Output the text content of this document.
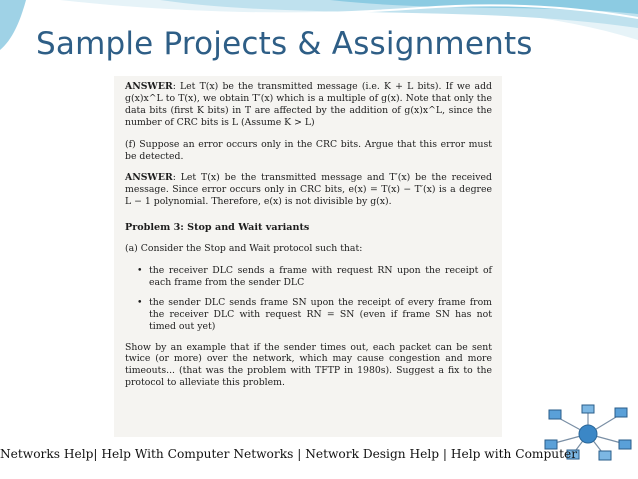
Sample Projects & Assignments

ANSWER: Let T(x) be the transmitted message (i.e. K + L bits). If we add g(x)x^L to T(x), we obtain T′(x) which is a multiple of g(x). Note that only the data bits (first K bits) in T are affected by the addition of g(x)x^L, since the number of CRC bits is L (Assume K > L)

(f) Suppose an error occurs only in the CRC bits. Argue that this error must be detected.

ANSWER: Let T(x) be the transmitted message and T′(x) be the received message. Since error occurs only in CRC bits, e(x) = T(x) − T′(x) is a degree L − 1 polynomial. Therefore, e(x) is not divisible by g(x).

Problem 3: Stop and Wait variants

(a) Consider the Stop and Wait protocol such that:

• the receiver DLC sends a frame with request RN upon the receipt of each frame from the sender DLC
• the sender DLC sends frame SN upon the receipt of every frame from the receiver DLC with request RN = SN (even if frame SN has not timed out yet)

Show by an example that if the sender times out, each packet can be sent twice (or more) over the network, which may cause congestion and more timeouts... (that was the problem with TFTP in 1980s). Suggest a fix to the protocol to alleviate this problem.

Networks Help| Help With Computer Networks | Network Design Help | Help with Computer
